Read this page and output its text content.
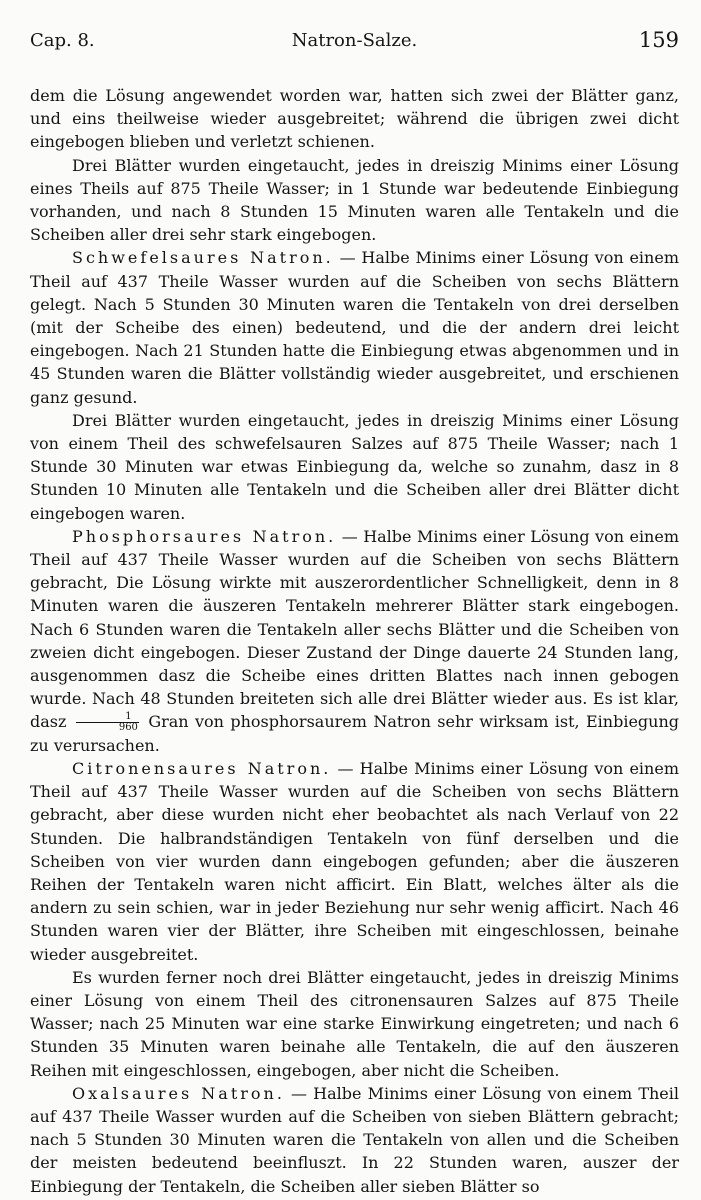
Cap. 8.	Natron-Salze.	159

dem die Lösung angewendet worden war, hatten sich zwei der Blätter ganz, und eins theilweise wieder ausgebreitet; während die übrigen zwei dicht eingebogen blieben und verletzt schienen.

Drei Blätter wurden eingetaucht, jedes in dreiszig Minims einer Lösung eines Theils auf 875 Theile Wasser; in 1 Stunde war bedeutende Einbiegung vorhanden, und nach 8 Stunden 15 Minuten waren alle Tentakeln und die Scheiben aller drei sehr stark eingebogen.

Schwefelsaures Natron. — Halbe Minims einer Lösung von einem Theil auf 437 Theile Wasser wurden auf die Scheiben von sechs Blättern gelegt. Nach 5 Stunden 30 Minuten waren die Tentakeln von drei derselben (mit der Scheibe des einen) bedeutend, und die der andern drei leicht eingebogen. Nach 21 Stunden hatte die Einbiegung etwas abgenommen und in 45 Stunden waren die Blätter vollständig wieder ausgebreitet, und erschienen ganz gesund.

Drei Blätter wurden eingetaucht, jedes in dreiszig Minims einer Lösung von einem Theil des schwefelsauren Salzes auf 875 Theile Wasser; nach 1 Stunde 30 Minuten war etwas Einbiegung da, welche so zunahm, dasz in 8 Stunden 10 Minuten alle Tentakeln und die Scheiben aller drei Blätter dicht eingebogen waren.

Phosphorsaures Natron. — Halbe Minims einer Lösung von einem Theil auf 437 Theile Wasser wurden auf die Scheiben von sechs Blättern gebracht, Die Lösung wirkte mit auszerordentlicher Schnelligkeit, denn in 8 Minuten waren die äuszeren Tentakeln mehrerer Blätter stark eingebogen. Nach 6 Stunden waren die Tentakeln aller sechs Blätter und die Scheiben von zweien dicht eingebogen. Dieser Zustand der Dinge dauerte 24 Stunden lang, ausgenommen dasz die Scheibe eines dritten Blattes nach innen gebogen wurde. Nach 48 Stunden breiteten sich alle drei Blätter wieder aus. Es ist klar, dasz $\frac{1}{960}$ Gran von phosphorsaurem Natron sehr wirksam ist, Einbiegung zu verursachen.

Citronensaures Natron. — Halbe Minims einer Lösung von einem Theil auf 437 Theile Wasser wurden auf die Scheiben von sechs Blättern gebracht, aber diese wurden nicht eher beobachtet als nach Verlauf von 22 Stunden. Die halbrandständigen Tentakeln von fünf derselben und die Scheiben von vier wurden dann eingebogen gefunden; aber die äuszeren Reihen der Tentakeln waren nicht afficirt. Ein Blatt, welches älter als die andern zu sein schien, war in jeder Beziehung nur sehr wenig afficirt. Nach 46 Stunden waren vier der Blätter, ihre Scheiben mit eingeschlossen, beinahe wieder ausgebreitet.

Es wurden ferner noch drei Blätter eingetaucht, jedes in dreiszig Minims einer Lösung von einem Theil des citronensauren Salzes auf 875 Theile Wasser; nach 25 Minuten war eine starke Einwirkung eingetreten; und nach 6 Stunden 35 Minuten waren beinahe alle Tentakeln, die auf den äuszeren Reihen mit eingeschlossen, eingebogen, aber nicht die Scheiben.

Oxalsaures Natron. — Halbe Minims einer Lösung von einem Theil auf 437 Theile Wasser wurden auf die Scheiben von sieben Blättern gebracht; nach 5 Stunden 30 Minuten waren die Tentakeln von allen und die Scheiben der meisten bedeutend beeinfluszt. In 22 Stunden waren, auszer der Einbiegung der Tentakeln, die Scheiben aller sieben Blätter so
